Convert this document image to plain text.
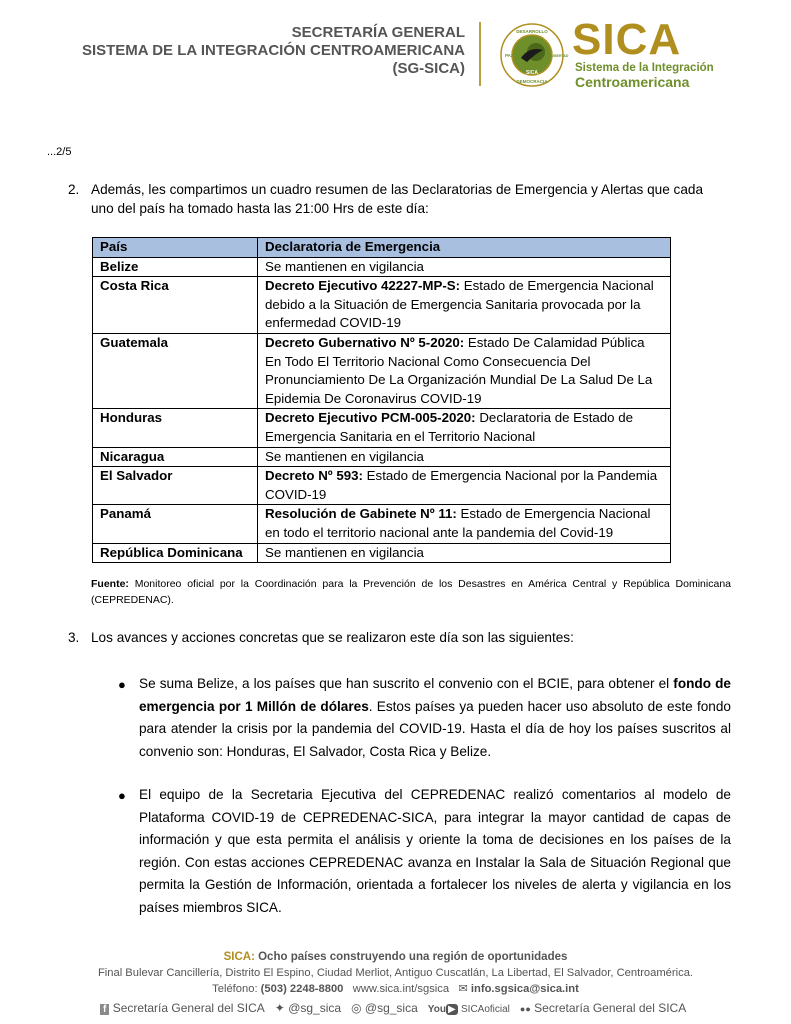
SECRETARÍA GENERAL
SISTEMA DE LA INTEGRACIÓN CENTROAMERICANA
(SG-SICA)
DESARROLLO
DEMOCRACIA
PAZ	LIBERTAD
SICA
SICA
Sistema de la Integración
Centroamericana
...2/5
2. Además, les compartimos un cuadro resumen de las Declaratorias de Emergencia y Alertas que cada
uno del país ha tomado hasta las 21:00 Hrs de este día:
País	Declaratoria de Emergencia
Belize	Se mantienen en vigilancia
Costa Rica	Decreto Ejecutivo 42227-MP-S: Estado de Emergencia Nacional debido a la Situación de Emergencia Sanitaria provocada por la enfermedad COVID-19
Guatemala	Decreto Gubernativo Nº 5-2020: Estado De Calamidad Pública En Todo El Territorio Nacional Como Consecuencia Del Pronunciamiento De La Organización Mundial De La Salud De La Epidemia De Coronavirus COVID-19
Honduras	Decreto Ejecutivo PCM-005-2020: Declaratoria de Estado de Emergencia Sanitaria en el Territorio Nacional
Nicaragua	Se mantienen en vigilancia
El Salvador	Decreto Nº 593: Estado de Emergencia Nacional por la Pandemia COVID-19
Panamá	Resolución de Gabinete Nº 11: Estado de Emergencia Nacional en todo el territorio nacional ante la pandemia del Covid-19
República Dominicana	Se mantienen en vigilancia
Fuente: Monitoreo oficial por la Coordinación para la Prevención de los Desastres en América Central y República Dominicana (CEPREDENAC).
3. Los avances y acciones concretas que se realizaron este día son las siguientes:
● Se suma Belize, a los países que han suscrito el convenio con el BCIE, para obtener el fondo de emergencia por 1 Millón de dólares. Estos países ya pueden hacer uso absoluto de este fondo para atender la crisis por la pandemia del COVID-19. Hasta el día de hoy los países suscritos al convenio son: Honduras, El Salvador, Costa Rica y Belize.
● El equipo de la Secretaria Ejecutiva del CEPREDENAC realizó comentarios al modelo de Plataforma COVID-19 de CEPREDENAC-SICA, para integrar la mayor cantidad de capas de información y que esta permita el análisis y oriente la toma de decisiones en los países de la región. Con estas acciones CEPREDENAC avanza en Instalar la Sala de Situación Regional que permita la Gestión de Información, orientada a fortalecer los niveles de alerta y vigilancia en los países miembros SICA.
SICA: Ocho países construyendo una región de oportunidades
Final Bulevar Cancillería, Distrito El Espino, Ciudad Merliot, Antiguo Cuscatlán, La Libertad, El Salvador, Centroamérica.
Teléfono: (503) 2248-8800 www.sica.int/sgsica ✉ info.sgsica@sica.int
f Secretaría General del SICA ✦ @sg_sica ◎ @sg_sica You ▶ SICAoficial ●● Secretaría General del SICA
